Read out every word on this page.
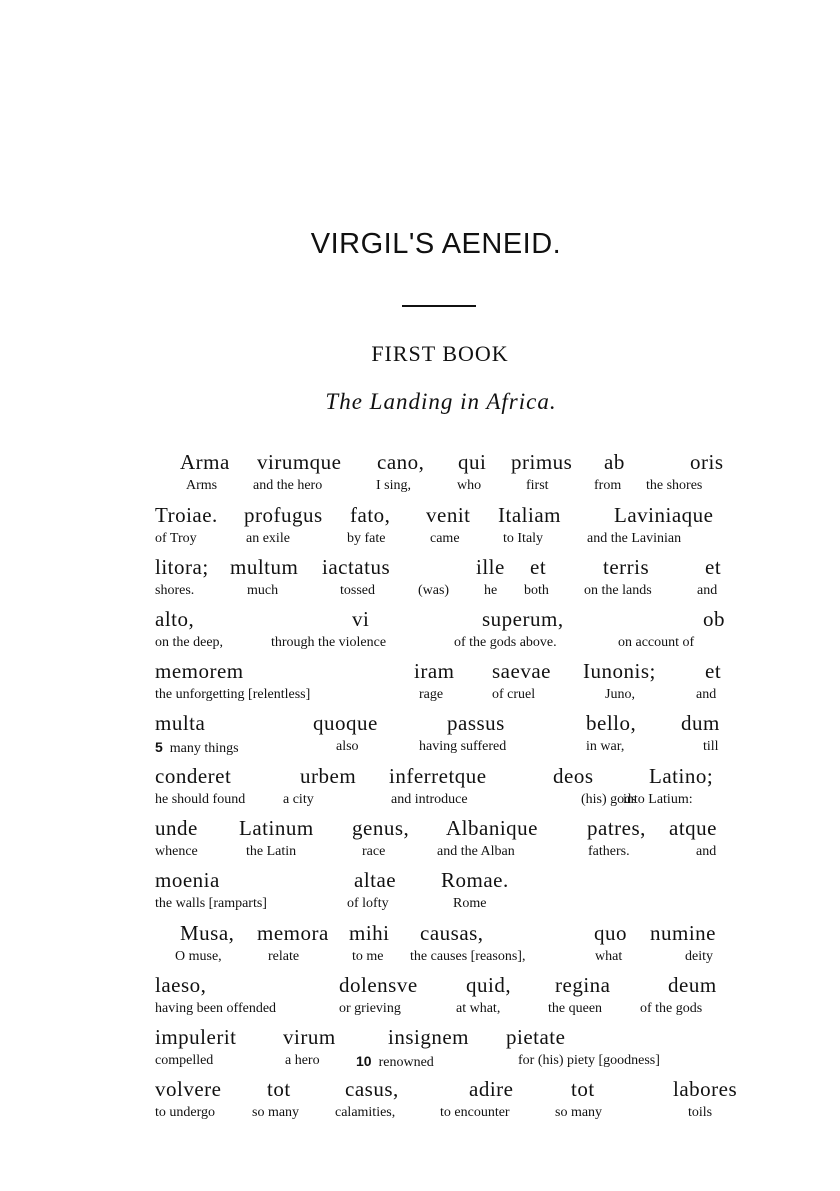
VIRGIL'S AENEID.
FIRST BOOK
The Landing in Africa.
Arma
Arms
virumque
and the hero
cano,
I sing,
qui
who
primus
first
ab
from
oris
the shores
Troiae.
of Troy
profugus
an exile
fato,
by fate
venit
came
Italiam
to Italy
Laviniaque
and the Lavinian
litora;
shores.
multum
much
iactatus
tossed	(was)
ille
he
et
both
terris
on the lands
et
and
alto,
on the deep,
vi
through the violence
superum,
of the gods above.
ob
on account of
memorem
the unforgetting [relentless]
iram
rage
saevae
of cruel
Iunonis;
Juno,
et
and
multa
5 many things
quoque
also
passus
having suffered
bello,
in war,
dum
till
conderet
he should found
urbem
a city
inferretque
and introduce
deos
(his) gods
Latino;
into Latium:
unde
whence
Latinum
the Latin
genus,
race
Albanique
and the Alban
patres,
fathers.
atque
and
moenia
the walls [ramparts]
altae
of lofty
Romae.
Rome
Musa,
O muse,
memora
relate
mihi
to me
causas,
the causes [reasons],
quo
what
numine
deity
laeso,
having been offended
dolensve
or grieving
quid,
at what,
regina
the queen
deum
of the gods
impulerit
compelled
virum
a hero
insignem
10 renowned
pietate
for (his) piety [goodness]
volvere
to undergo
tot
so many
casus,
calamities,
adire
to encounter
tot
so many
labores
toils
